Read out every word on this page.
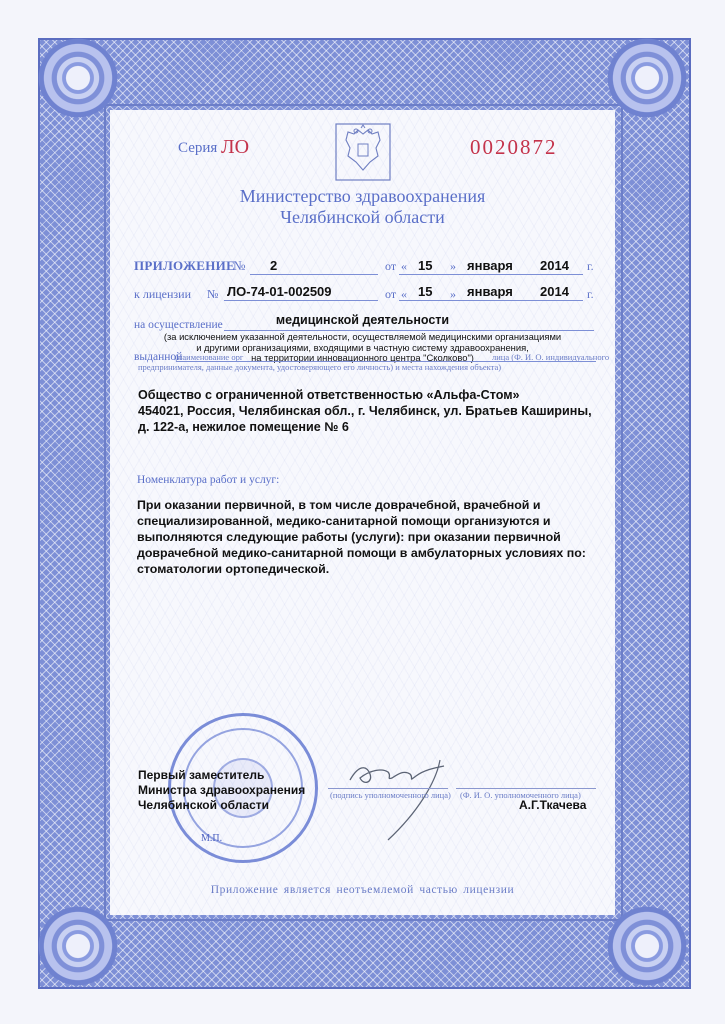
Серия ЛО	0020872
Министерство здравоохранения
Челябинской области
ПРИЛОЖЕНИЕ
№ 2	от « 15 » января 2014 г.
к лицензии № ЛО-74-01-002509	от « 15 » января 2014 г.
на осуществление	медицинской деятельности
(за исключением указанной деятельности, осуществляемой медицинскими организациями
и другими организациями, входящими в частную систему здравоохранения,
выданной
(наименование орг на территории инновационного центра "Сколково")	лица (Ф. И. О. индивидуального
предпринимателя, данные документа, удостоверяющего его личность) и места нахождения объекта)
Общество с ограниченной ответственностью «Альфа-Стом»
454021, Россия, Челябинская обл., г. Челябинск, ул. Братьев Каширины,
д. 122-а, нежилое помещение № 6
Номенклатура работ и услуг:
При оказании первичной, в том числе доврачебной, врачебной и
специализированной, медико-санитарной помощи организуются и
выполняются следующие работы (услуги): при оказании первичной
доврачебной медико-санитарной помощи в амбулаторных условиях по:
стоматологии ортопедической.
М.П.
Первый заместитель
Министра здравоохранения
Челябинской области
(подпись уполномоченного лица) (Ф. И. О. уполномоченного лица)
А.Г.Ткачева
Приложение является неотъемлемой частью лицензии
